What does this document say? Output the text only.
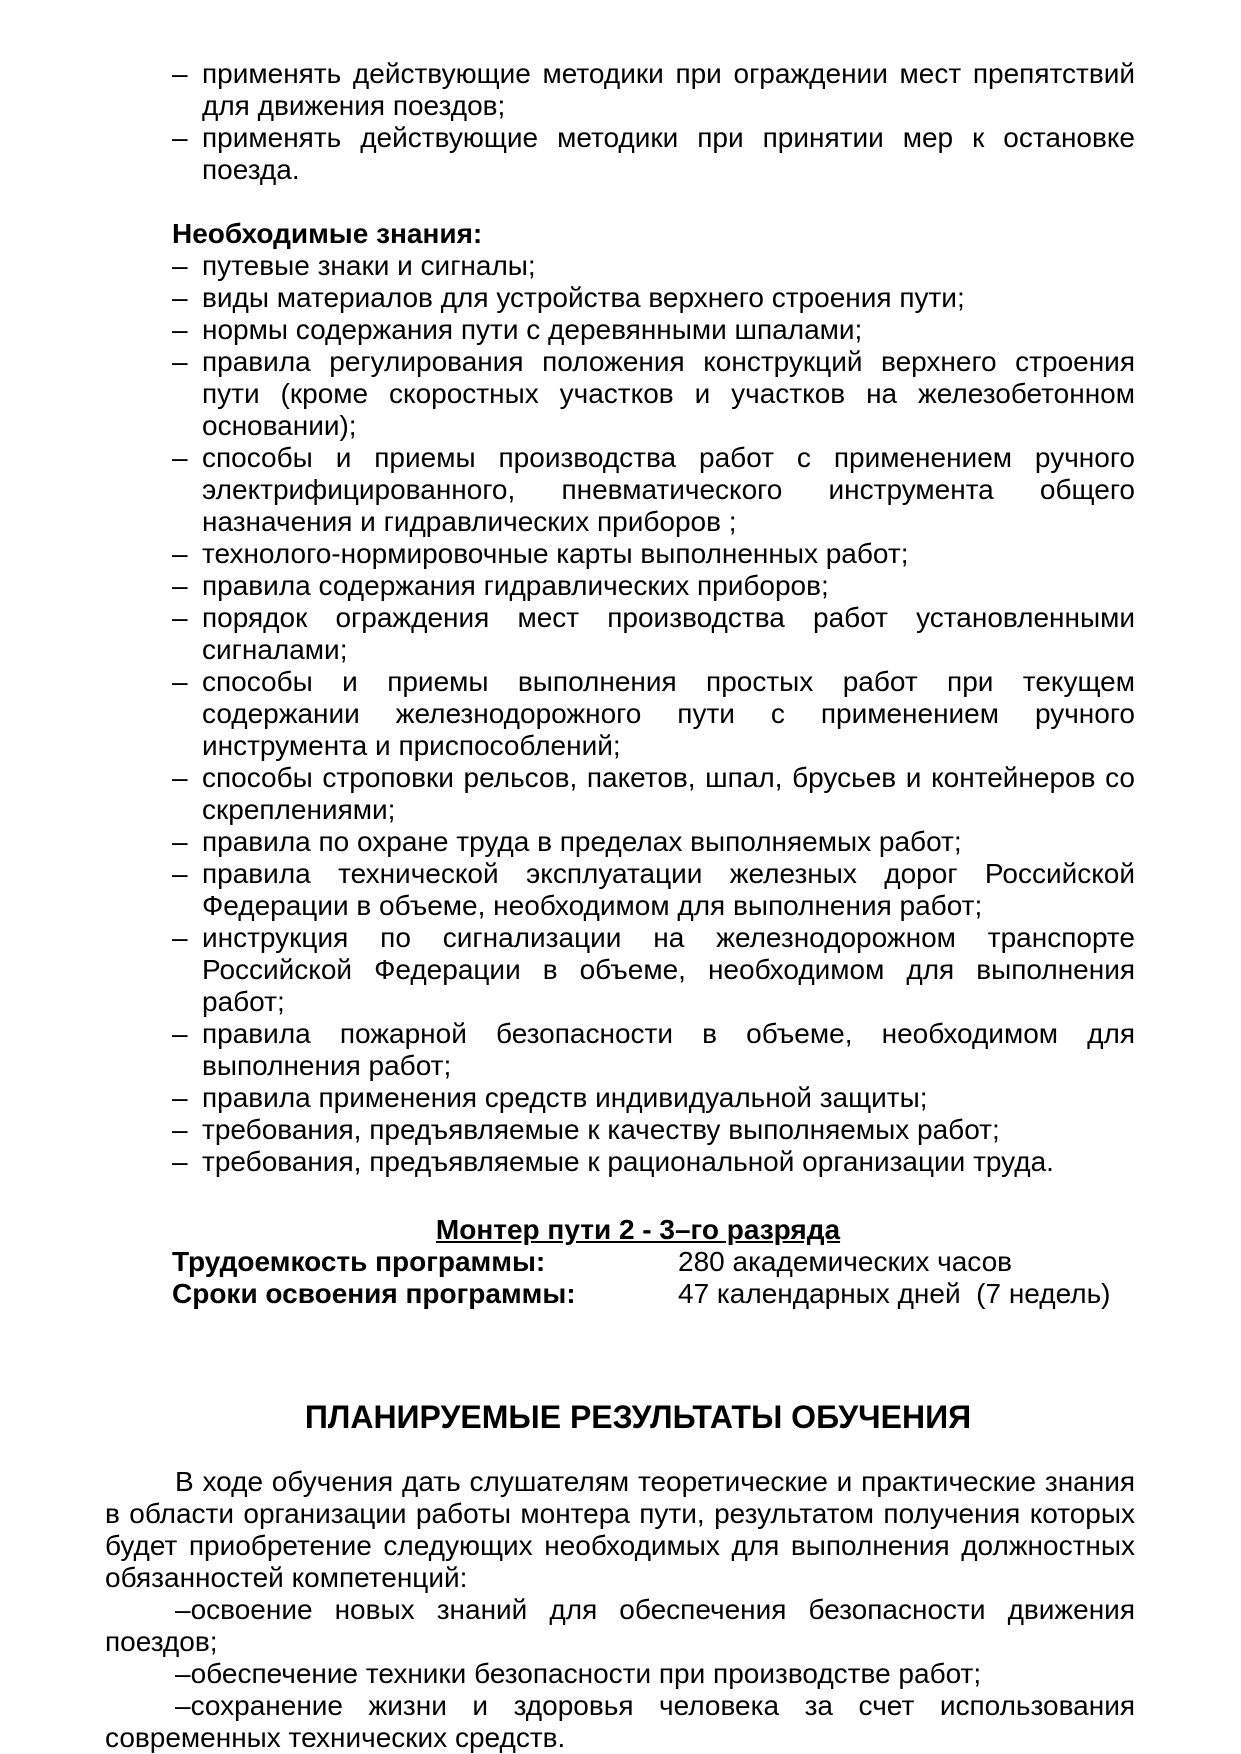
– применять действующие методики при ограждении мест препятствий для движения поездов;

– применять действующие методики при принятии мер к остановке поезда.

Необходимые знания:

– путевые знаки и сигналы;

– виды материалов для устройства верхнего строения пути;

– нормы содержания пути с деревянными шпалами;

– правила регулирования положения конструкций верхнего строения пути (кроме скоростных участков и участков на железобетонном основании);

– способы и приемы производства работ с применением ручного электрифицированного, пневматического инструмента общего назначения и гидравлических приборов ;

– технолого-нормировочные карты выполненных работ;

– правила содержания гидравлических приборов;

– порядок ограждения мест производства работ установленными сигналами;

– способы и приемы выполнения простых работ при текущем содержании железнодорожного пути с применением ручного инструмента и приспособлений;

– способы строповки рельсов, пакетов, шпал, брусьев и контейнеров со скреплениями;

– правила по охране труда в пределах выполняемых работ;

– правила технической эксплуатации железных дорог Российской Федерации в объеме, необходимом для выполнения работ;

– инструкция по сигнализации на железнодорожном транспорте Российской Федерации в объеме, необходимом для выполнения работ;

– правила пожарной безопасности в объеме, необходимом для выполнения работ;

– правила применения средств индивидуальной защиты;

– требования, предъявляемые к качеству выполняемых работ;

– требования, предъявляемые к рациональной организации труда.

Монтер пути 2 - 3–го разряда

Трудоемкость программы:	280 академических часов
Сроки освоения программы:	47 календарных дней  (7 недель)

ПЛАНИРУЕМЫЕ РЕЗУЛЬТАТЫ ОБУЧЕНИЯ

В ходе обучения дать слушателям теоретические и практические знания в области организации работы монтера пути, результатом получения которых будет приобретение следующих необходимых для выполнения должностных обязанностей компетенций:

–освоение новых знаний для обеспечения безопасности движения поездов;

–обеспечение техники безопасности при производстве работ;

–сохранение жизни и здоровья человека за счет использования современных технических средств.
